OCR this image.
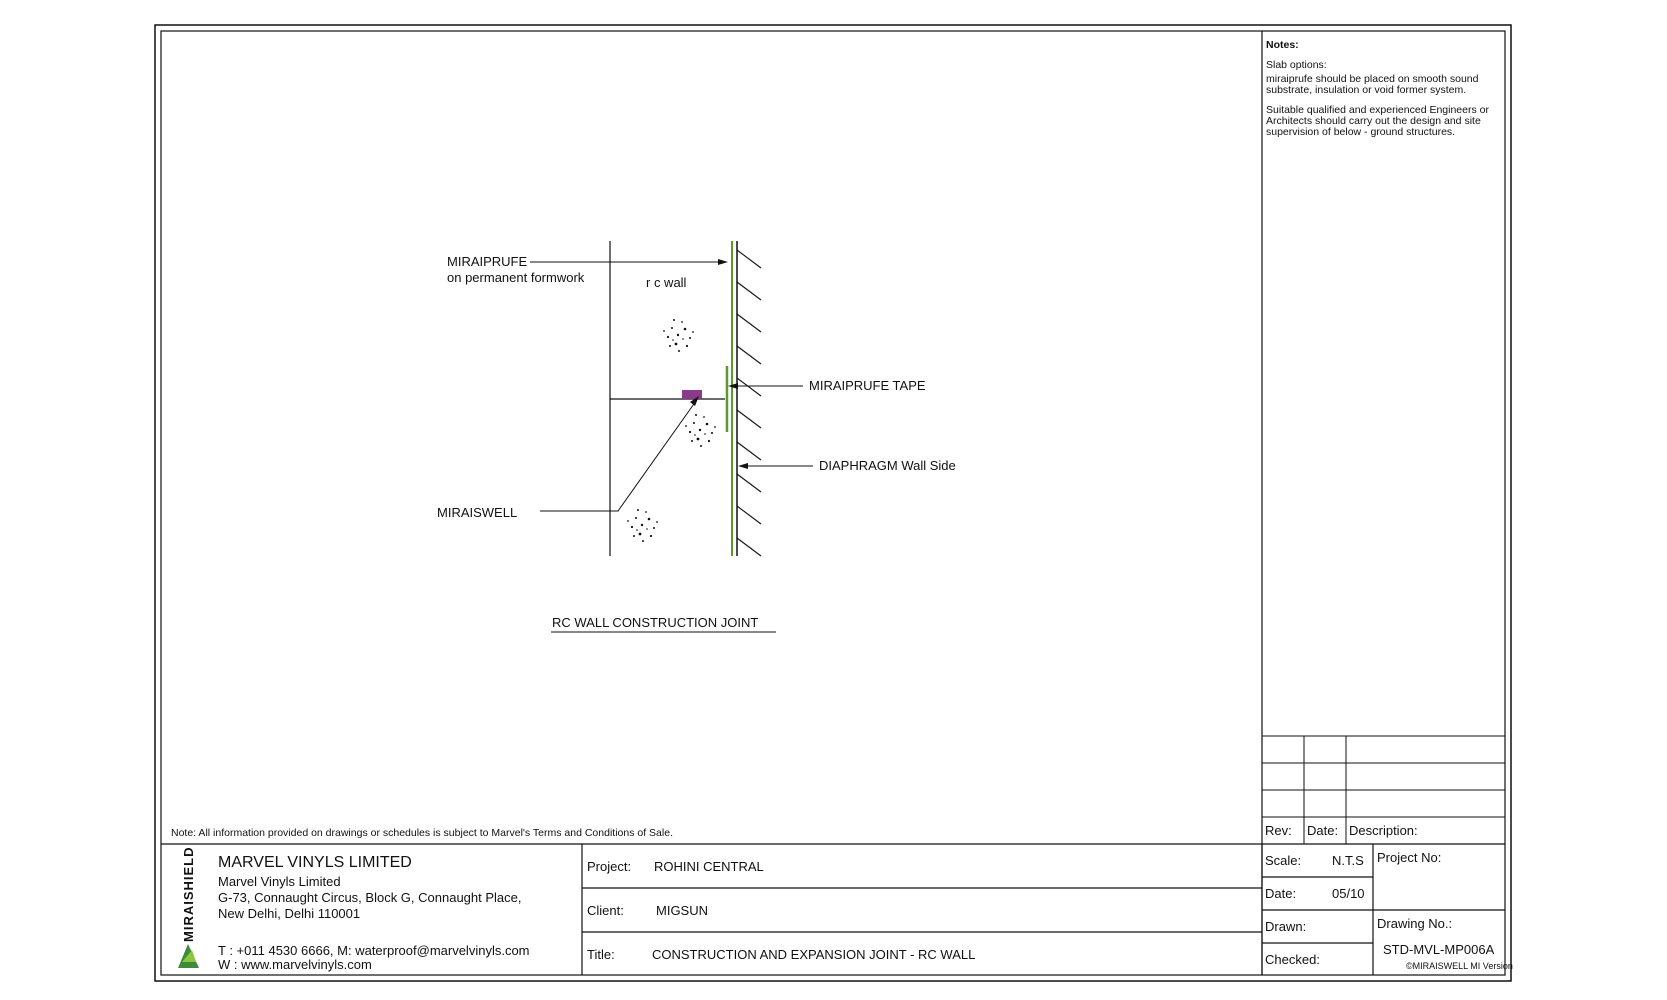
Notes:
Slab options:
miraiprufe should be placed on smooth sound
substrate, insulation or void former system.
Suitable qualified and experienced Engineers or
Architects should carry out the design and site
supervision of below - ground structures.
Rev: Date: Description:
Note: All information provided on drawings or schedules is subject to Marvel's Terms and Conditions of Sale.
MIRAIPRUFE
on permanent formwork	r c wall
MIRAIPRUFE TAPE
DIAPHRAGM Wall Side
MIRAISWELL
RC WALL CONSTRUCTION JOINT
MIRAISHIELD MARVEL VINYLS LIMITED
Marvel Vinyls Limited
G-73, Connaught Circus, Block G, Connaught Place,
New Delhi, Delhi 110001
T : +011 4530 6666, M: waterproof@marvelvinyls.com
W : www.marvelvinyls.com
Project: ROHINI CENTRAL
Client: MIGSUN
Title:	CONSTRUCTION AND EXPANSION JOINT - RC WALL
Scale: N.T.S
Date:	05/10
Drawn:
Checked:
Project No:
Drawing No.:
STD-MVL-MP006A
©MIRAISWELL MI Version
